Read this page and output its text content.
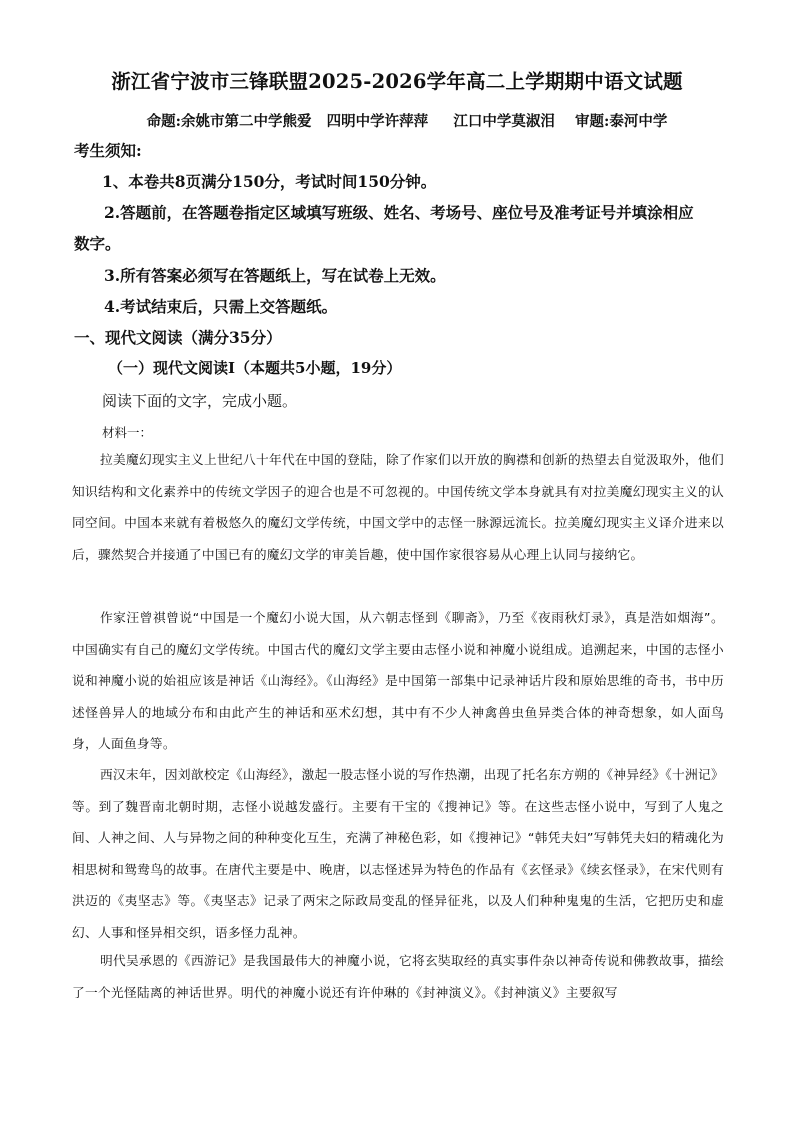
浙江省宁波市三锋联盟2025-2026学年高二上学期期中语文试题
命题:余姚市第二中学熊爱   四明中学许萍萍     江口中学莫淑泪    审题:泰河中学
考生须知:
1、本卷共8页满分150分，考试时间150分钟。
2.答题前，在答题卷指定区域填写班级、姓名、考场号、座位号及准考证号并填涂相应
数字。
3.所有答案必须写在答题纸上，写在试卷上无效。
4.考试结束后，只需上交答题纸。
一、现代文阅读（满分35分）
（一）现代文阅读Ⅰ（本题共5小题，19分）
阅读下面的文字，完成小题。
材料一：
拉美魔幻现实主义上世纪八十年代在中国的登陆，除了作家们以开放的胸襟和创新的热望去自觉汲取外，他们知识结构和文化素养中的传统文学因子的迎合也是不可忽视的。中国传统文学本身就具有对拉美魔幻现实主义的认同空间。中国本来就有着极悠久的魔幻文学传统，中国文学中的志怪一脉源远流长。拉美魔幻现实主义译介进来以后，骤然契合并接通了中国已有的魔幻文学的审美旨趣，使中国作家很容易从心理上认同与接纳它。
作家汪曾祺曾说“中国是一个魔幻小说大国，从六朝志怪到《聊斋》，乃至《夜雨秋灯录》，真是浩如烟海”。中国确实有自己的魔幻文学传统。中国古代的魔幻文学主要由志怪小说和神魔小说组成。追溯起来，中国的志怪小说和神魔小说的始祖应该是神话《山海经》。《山海经》是中国第一部集中记录神话片段和原始思维的奇书，书中历述怪兽异人的地域分布和由此产生的神话和巫术幻想，其中有不少人神禽兽虫鱼异类合体的神奇想象，如人面鸟身，人面鱼身等。
西汉末年，因刘歆校定《山海经》，激起一股志怪小说的写作热潮，出现了托名东方朔的《神异经》《十洲记》等。到了魏晋南北朝时期，志怪小说越发盛行。主要有干宝的《搜神记》等。在这些志怪小说中，写到了人鬼之间、人神之间、人与异物之间的种种变化互生，充满了神秘色彩，如《搜神记》“韩凭夫妇”写韩凭夫妇的精魂化为相思树和鸳鸯鸟的故事。在唐代主要是中、晚唐，以志怪述异为特色的作品有《玄怪录》《续玄怪录》，在宋代则有洪迈的《夷坚志》等。《夷坚志》记录了两宋之际政局变乱的怪异征兆，以及人们种种鬼鬼的生活，它把历史和虚幻、人事和怪异相交织，语多怪力乱神。
明代吴承恩的《西游记》是我国最伟大的神魔小说，它将玄奘取经的真实事件杂以神奇传说和佛教故事，描绘了一个光怪陆离的神话世界。明代的神魔小说还有许仲琳的《封神演义》。《封神演义》主要叙写
